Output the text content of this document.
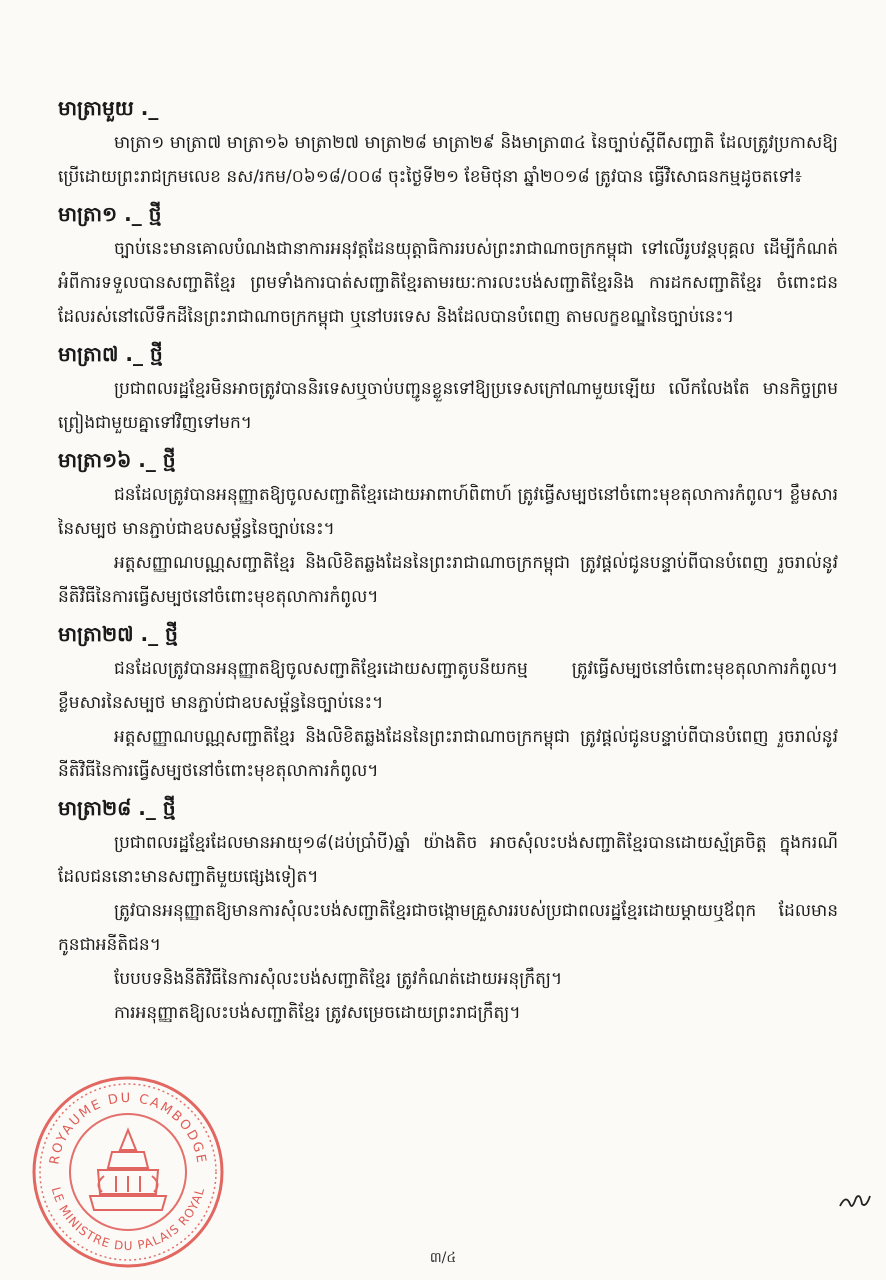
មាត្រាមួយ ._

មាត្រា១ មាត្រា៧ មាត្រា១៦ មាត្រា២៧ មាត្រា២៨ មាត្រា២៩ និងមាត្រា៣៤ នៃច្បាប់ស្តីពីសញ្ជាតិ ដែលត្រូវប្រកាសឱ្យប្រើដោយព្រះរាជក្រមលេខ នស/រកម/០៦១៨/០០៨ ចុះថ្ងៃទី២១ ខែមិថុនា ឆ្នាំ២០១៨ ត្រូវបាន ធ្វើវិសោធនកម្មដូចតទៅ៖

មាត្រា១ ._ ថ្មី

ច្បាប់នេះមានគោលបំណងជានាការអនុវត្តដែនយុត្តាធិការរបស់ព្រះរាជាណាចក្រកម្ពុជា ទៅលើរូបវន្តបុគ្គល ដើម្បីកំណត់អំពីការទទួលបានសញ្ជាតិខ្មែរ ព្រមទាំងការបាត់សញ្ជាតិខ្មែរតាមរយៈការលះបង់សញ្ជាតិខ្មែរនិង ការដកសញ្ជាតិខ្មែរ ចំពោះជនដែលរស់នៅលើទឹកដីនៃព្រះរាជាណាចក្រកម្ពុជា ឬនៅបរទេស និងដែលបានបំពេញ តាមលក្ខខណ្ឌនៃច្បាប់នេះ។

មាត្រា៧ ._ ថ្មី

ប្រជាពលរដ្ឋខ្មែរមិនអាចត្រូវបាននិរទេសឬចាប់បញ្ជូនខ្លួនទៅឱ្យប្រទេសក្រៅណាមួយឡើយ លើកលែងតែ មានកិច្ចព្រមព្រៀងជាមួយគ្នាទៅវិញទៅមក។

មាត្រា១៦ ._ ថ្មី

ជនដែលត្រូវបានអនុញ្ញាតឱ្យចូលសញ្ជាតិខ្មែរដោយអាពាហ៍ពិពាហ៍ ត្រូវធ្វើសម្បថនៅចំពោះមុខតុលាការកំពូល។ ខ្លឹមសារនៃសម្បថ មានភ្ជាប់ជាឧបសម្ព័ន្ធនៃច្បាប់នេះ។

អត្តសញ្ញាណបណ្ណសញ្ជាតិខ្មែរ និងលិខិតឆ្លងដែននៃព្រះរាជាណាចក្រកម្ពុជា ត្រូវផ្តល់ជូនបន្ទាប់ពីបានបំពេញ រួចរាល់នូវនីតិវិធីនៃការធ្វើសម្បថនៅចំពោះមុខតុលាការកំពូល។

មាត្រា២៧ ._ ថ្មី

ជនដែលត្រូវបានអនុញ្ញាតឱ្យចូលសញ្ជាតិខ្មែរដោយសញ្ជាតូបនីយកម្ម ត្រូវធ្វើសម្បថនៅចំពោះមុខតុលាការកំពូល។ ខ្លឹមសារនៃសម្បថ មានភ្ជាប់ជាឧបសម្ព័ន្ធនៃច្បាប់នេះ។

អត្តសញ្ញាណបណ្ណសញ្ជាតិខ្មែរ និងលិខិតឆ្លងដែននៃព្រះរាជាណាចក្រកម្ពុជា ត្រូវផ្តល់ជូនបន្ទាប់ពីបានបំពេញ រួចរាល់នូវនីតិវិធីនៃការធ្វើសម្បថនៅចំពោះមុខតុលាការកំពូល។

មាត្រា២៨ ._ ថ្មី

ប្រជាពលរដ្ឋខ្មែរដែលមានអាយុ១៨(ដប់ប្រាំបី)ឆ្នាំ យ៉ាងតិច អាចសុំលះបង់សញ្ជាតិខ្មែរបានដោយស្ម័គ្រចិត្ត ក្នុងករណីដែលជននោះមានសញ្ជាតិមួយផ្សេងទៀត។

ត្រូវបានអនុញ្ញាតឱ្យមានការសុំលះបង់សញ្ជាតិខ្មែរជាចង្កោមគ្រួសាររបស់ប្រជាពលរដ្ឋខ្មែរដោយម្ដាយឬឪពុក ដែលមានកូនជាអនីតិជន។

បែបបទនិងនីតិវិធីនៃការសុំលះបង់សញ្ជាតិខ្មែរ ត្រូវកំណត់ដោយអនុក្រឹត្យ។

ការអនុញ្ញាតឱ្យលះបង់សញ្ជាតិខ្មែរ ត្រូវសម្រេចដោយព្រះរាជក្រឹត្យ។

ROYAUME DU CAMBODGE
LE MINISTRE DU PALAIS ROYAL
៣/៤
